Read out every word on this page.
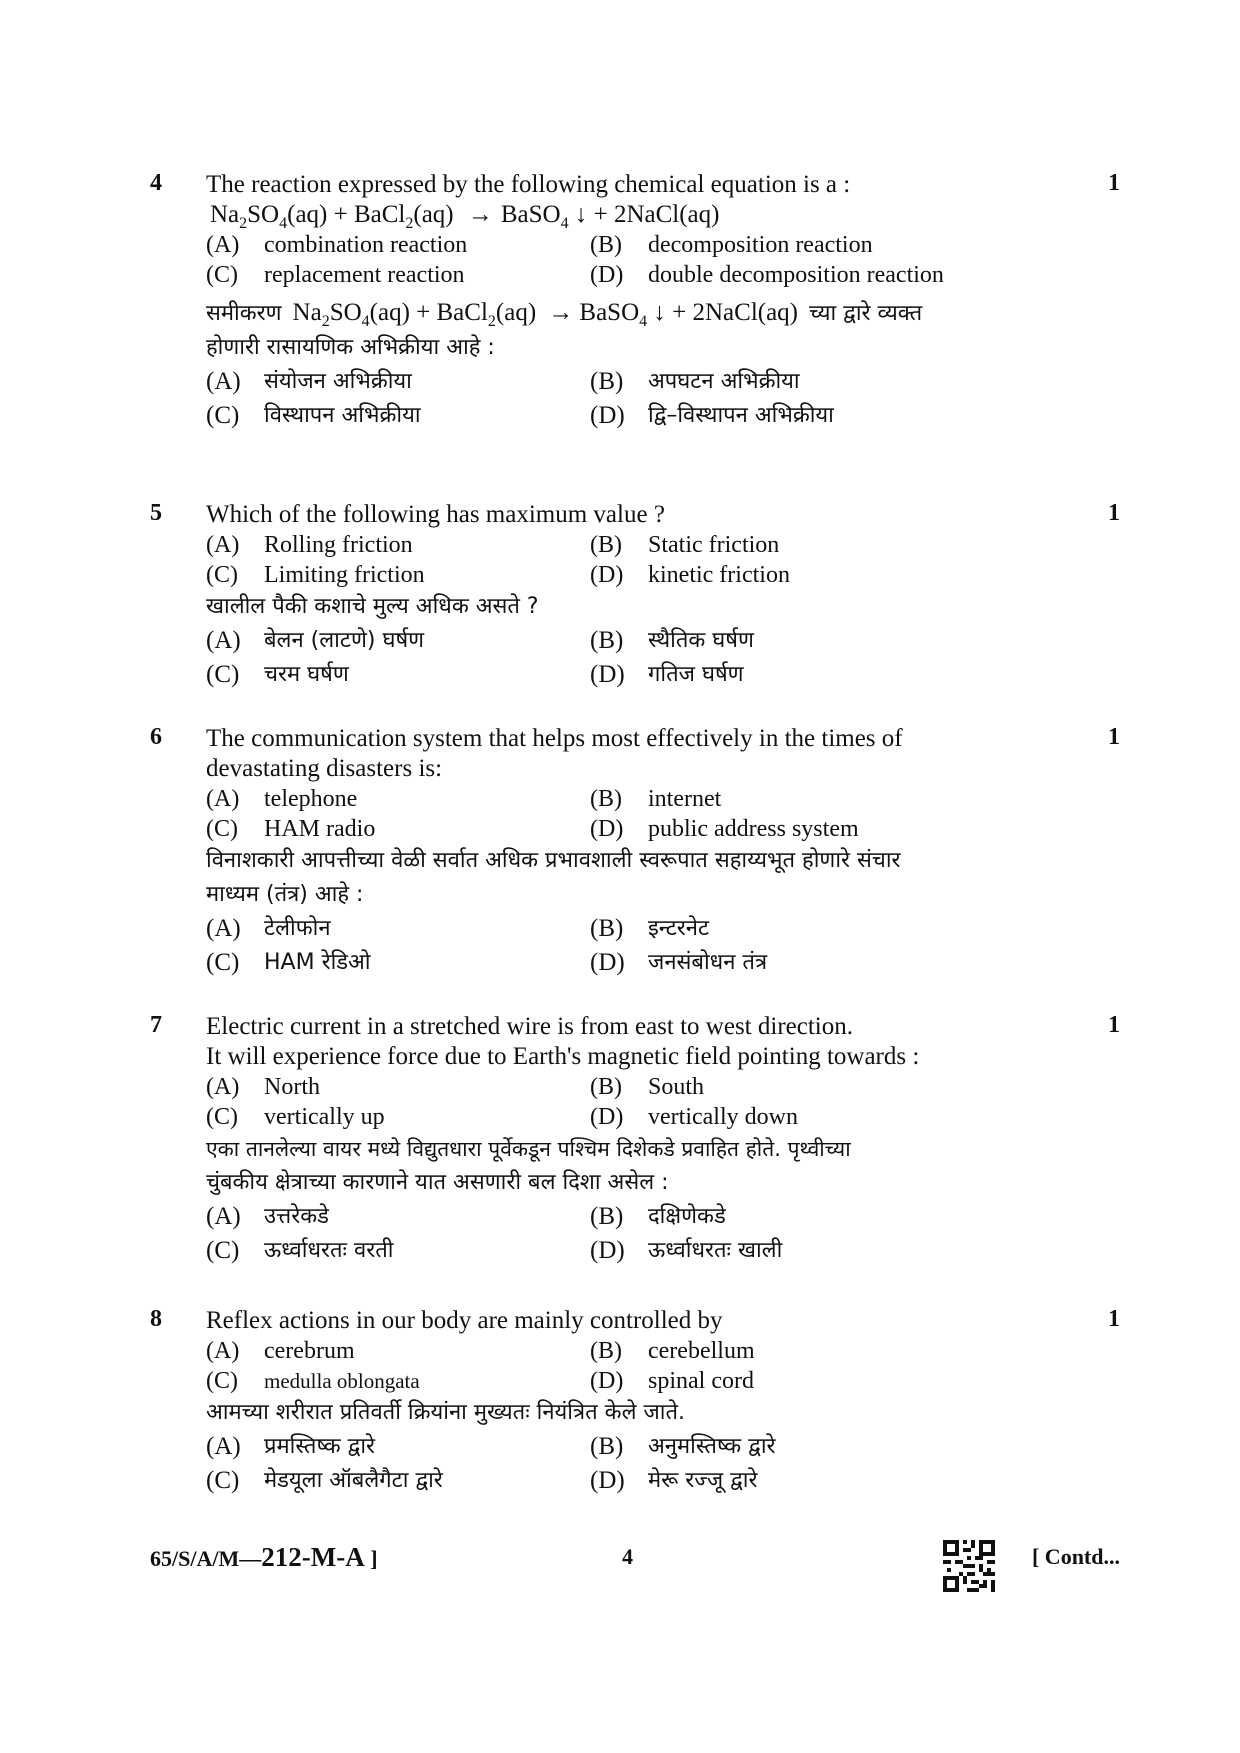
4	1
The reaction expressed by the following chemical equation is a :
$Na_2SO_4(aq)$ + BaCl$_2$(aq) → BaSO$_4$ ↓ + 2NaCl(aq)
(A)	combination reaction	(B)	decomposition reaction
(C)	replacement reaction	(D)	double decomposition reaction
समीकरण $Na_2SO_4(aq)$ + BaCl$_2$(aq) → BaSO$_4$ ↓ + 2NaCl(aq) च्या द्वारे व्यक्त
होणारी रासायणिक अभिक्रीया आहे :
(A)	संयोजन अभिक्रीया	(B)	अपघटन अभिक्रीया
(C)	विस्थापन अभिक्रीया	(D)	द्वि–विस्थापन अभिक्रीया
5	1
Which of the following has maximum value ?
(A)	Rolling friction	(B)	Static friction
(C)	Limiting friction	(D)	kinetic friction
खालील पैकी कशाचे मुल्य अधिक असते ?
(A)	बेलन (लाटणे) घर्षण	(B)	स्थैतिक घर्षण
(C)	चरम घर्षण	(D)	गतिज घर्षण
6	1
The communication system that helps most effectively in the times of
devastating disasters is:
(A)	telephone	(B)	internet
(C)	HAM radio	(D)	public address system
विनाशकारी आपत्तीच्या वेळी सर्वात अधिक प्रभावशाली स्वरूपात सहाय्यभूत होणारे संचार
माध्यम (तंत्र) आहे :
(A)	टेलीफोन	(B)	इन्टरनेट
(C)	HAM रेडिओ	(D)	जनसंबोधन तंत्र
7	1
Electric current in a stretched wire is from east to west direction.
It will experience force due to Earth's magnetic field pointing towards :
(A)	North	(B)	South
(C)	vertically up	(D)	vertically down
एका तानलेल्या वायर मध्ये विद्युतधारा पूर्वेकडून पश्चिम दिशेकडे प्रवाहित होते. पृथ्वीच्या
चुंबकीय क्षेत्राच्या कारणाने यात असणारी बल दिशा असेल :
(A)	उत्तरेकडे	(B)	दक्षिणेकडे
(C)	ऊर्ध्वाधरतः वरती	(D)	ऊर्ध्वाधरतः खाली
8	1
Reflex actions in our body are mainly controlled by
(A)	cerebrum	(B)	cerebellum
(C)	medulla oblongata	(D)	spinal cord
आमच्या शरीरात प्रतिवर्ती क्रियांना मुख्यतः नियंत्रित केले जाते.
(A)	प्रमस्तिष्क द्वारे	(B)	अनुमस्तिष्क द्वारे
(C)	मेडयूला ऑबलैगैटा द्वारे	(D)	मेरू रज्जू द्वारे
65/S/A/M—212-M-A ]	4	[ Contd...
